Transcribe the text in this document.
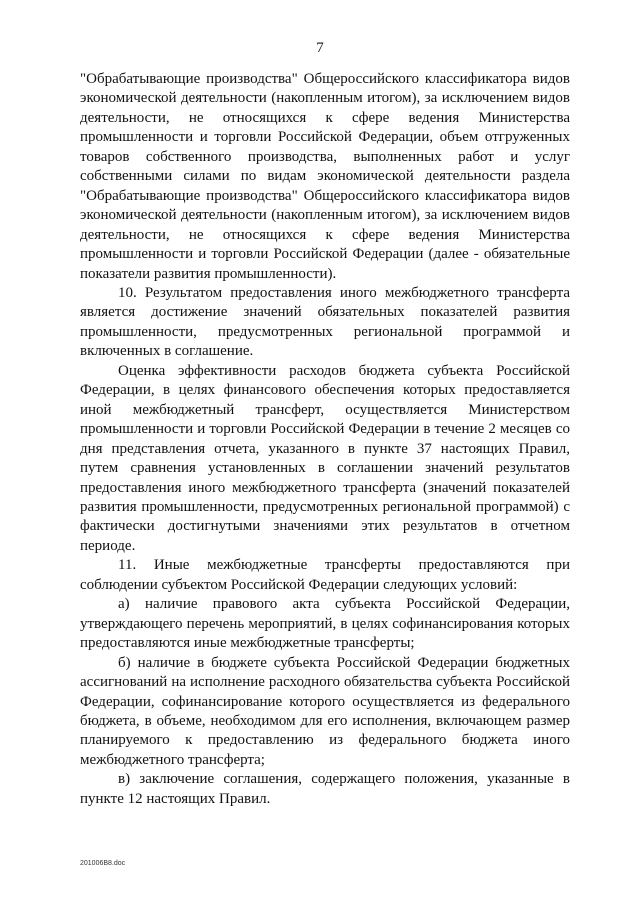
7

"Обрабатывающие производства" Общероссийского классификатора видов экономической деятельности (накопленным итогом), за исключением видов деятельности, не относящихся к сфере ведения Министерства промышленности и торговли Российской Федерации, объем отгруженных товаров собственного производства, выполненных работ и услуг собственными силами по видам экономической деятельности раздела "Обрабатывающие производства" Общероссийского классификатора видов экономической деятельности (накопленным итогом), за исключением видов деятельности, не относящихся к сфере ведения Министерства промышленности и торговли Российской Федерации (далее - обязательные показатели развития промышленности).

10. Результатом предоставления иного межбюджетного трансферта является достижение значений обязательных показателей развития промышленности, предусмотренных региональной программой и включенных в соглашение.

Оценка эффективности расходов бюджета субъекта Российской Федерации, в целях финансового обеспечения которых предоставляется иной межбюджетный трансферт, осуществляется Министерством промышленности и торговли Российской Федерации в течение 2 месяцев со дня представления отчета, указанного в пункте 37 настоящих Правил, путем сравнения установленных в соглашении значений результатов предоставления иного межбюджетного трансферта (значений показателей развития промышленности, предусмотренных региональной программой) с фактически достигнутыми значениями этих результатов в отчетном периоде.

11. Иные межбюджетные трансферты предоставляются при соблюдении субъектом Российской Федерации следующих условий:

а) наличие правового акта субъекта Российской Федерации, утверждающего перечень мероприятий, в целях софинансирования которых предоставляются иные межбюджетные трансферты;

б) наличие в бюджете субъекта Российской Федерации бюджетных ассигнований на исполнение расходного обязательства субъекта Российской Федерации, софинансирование которого осуществляется из федерального бюджета, в объеме, необходимом для его исполнения, включающем размер планируемого к предоставлению из федерального бюджета иного межбюджетного трансферта;

в) заключение соглашения, содержащего положения, указанные в пункте 12 настоящих Правил.

201006B8.doc
